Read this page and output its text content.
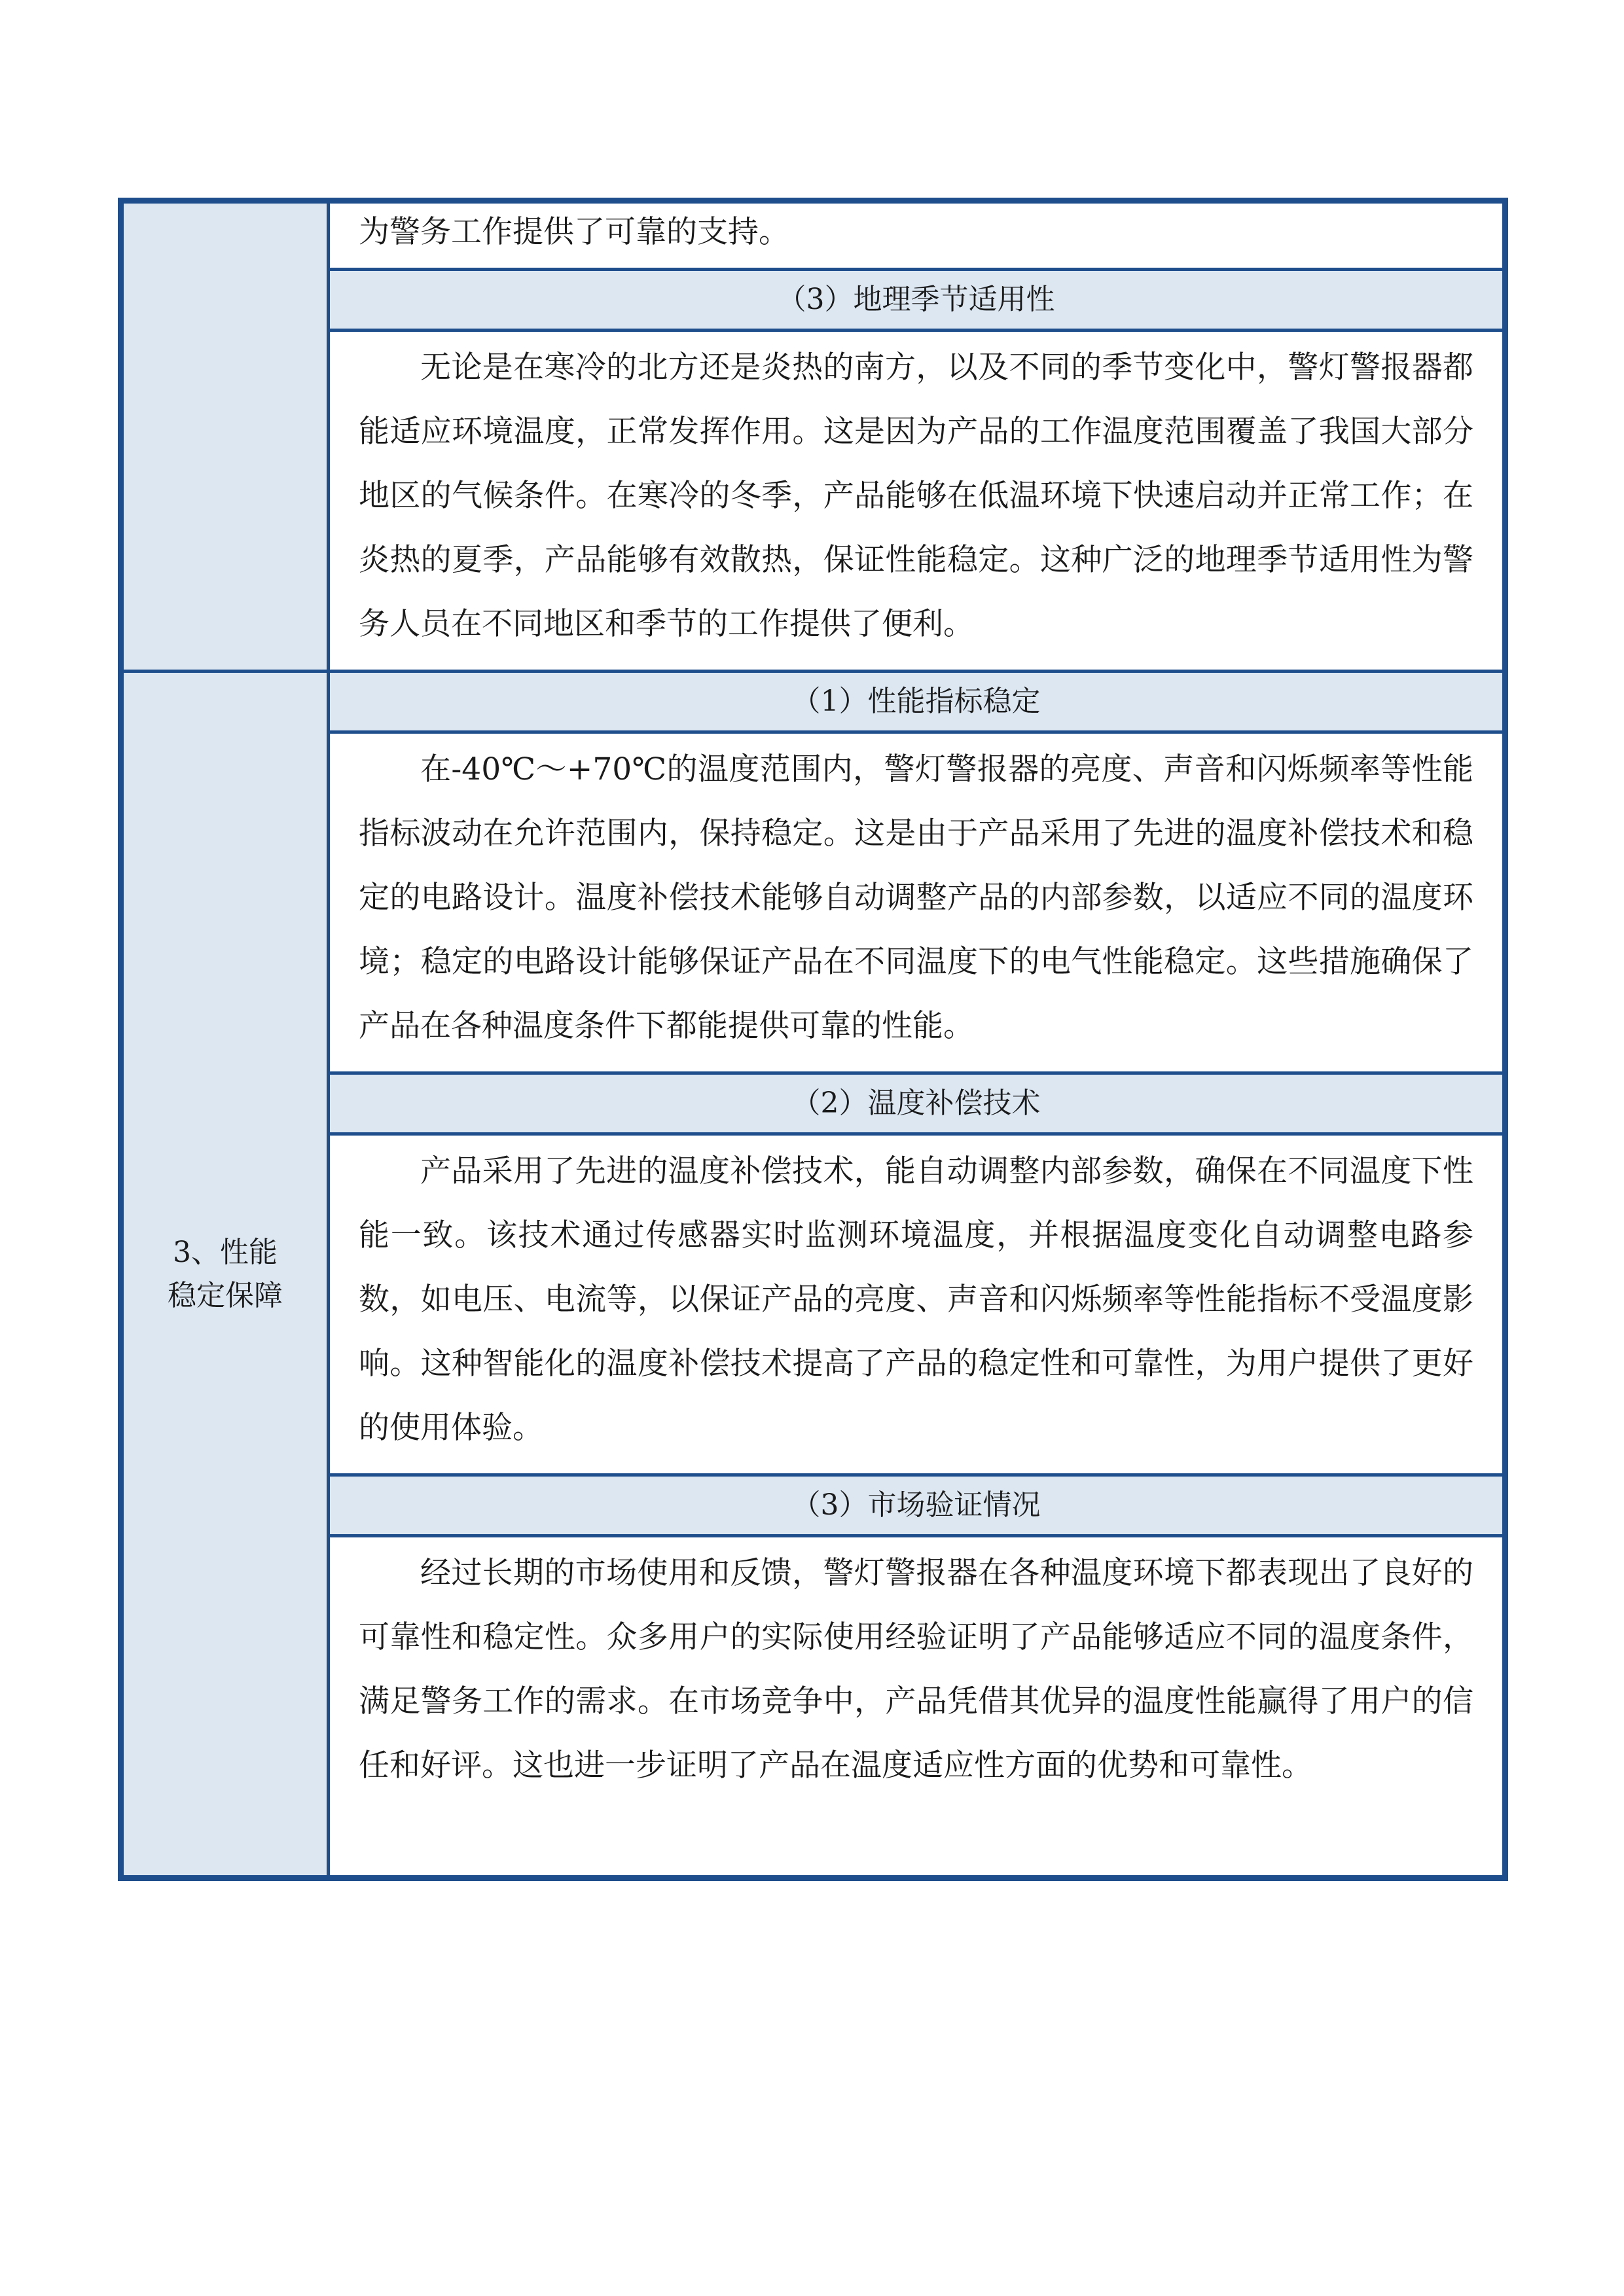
	为警务工作提供了可靠的支持。
	（3）地理季节适用性
	无论是在寒冷的北方还是炎热的南方，以及不同的季节变化中，警灯警报器都能适应环境温度，正常发挥作用。这是因为产品的工作温度范围覆盖了我国大部分地区的气候条件。在寒冷的冬季，产品能够在低温环境下快速启动并正常工作；在炎热的夏季，产品能够有效散热，保证性能稳定。这种广泛的地理季节适用性为警务人员在不同地区和季节的工作提供了便利。
3、性能稳定保障	（1）性能指标稳定
	在-40℃～+70℃的温度范围内，警灯警报器的亮度、声音和闪烁频率等性能指标波动在允许范围内，保持稳定。这是由于产品采用了先进的温度补偿技术和稳定的电路设计。温度补偿技术能够自动调整产品的内部参数，以适应不同的温度环境；稳定的电路设计能够保证产品在不同温度下的电气性能稳定。这些措施确保了产品在各种温度条件下都能提供可靠的性能。
	（2）温度补偿技术
	产品采用了先进的温度补偿技术，能自动调整内部参数，确保在不同温度下性能一致。该技术通过传感器实时监测环境温度，并根据温度变化自动调整电路参数，如电压、电流等，以保证产品的亮度、声音和闪烁频率等性能指标不受温度影响。这种智能化的温度补偿技术提高了产品的稳定性和可靠性，为用户提供了更好的使用体验。
	（3）市场验证情况
	经过长期的市场使用和反馈，警灯警报器在各种温度环境下都表现出了良好的可靠性和稳定性。众多用户的实际使用经验证明了产品能够适应不同的温度条件，满足警务工作的需求。在市场竞争中，产品凭借其优异的温度性能赢得了用户的信任和好评。这也进一步证明了产品在温度适应性方面的优势和可靠性。
